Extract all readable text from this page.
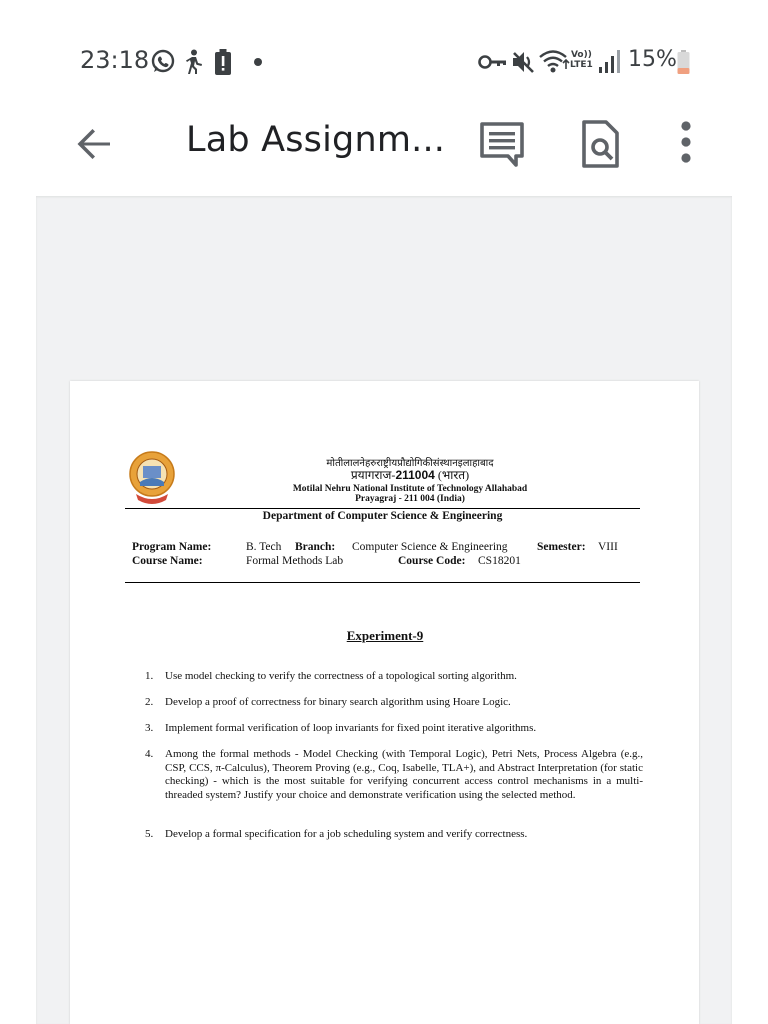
23:18	Vo))
LTE1 15%
Lab Assignm...
मोतीलालनेहरुराष्ट्रीयप्रौद्योगिकीसंस्थानइलाहाबाद
प्रयागराज-211004 (भारत)
Motilal Nehru National Institute of Technology Allahabad
Prayagraj - 211 004 (India)
Department of Computer Science & Engineering
Program Name:	B. Tech Branch: Computer Science & Engineering	Semester: VIII
Course Name:	Formal Methods Lab	Course Code: CS18201
Experiment-9
1. Use model checking to verify the correctness of a topological sorting algorithm.
2. Develop a proof of correctness for binary search algorithm using Hoare Logic.
3. Implement formal verification of loop invariants for fixed point iterative algorithms.
4. Among the formal methods - Model Checking (with Temporal Logic), Petri Nets, Process Algebra (e.g., CSP, CCS, π-Calculus), Theorem Proving (e.g., Coq, Isabelle, TLA+), and Abstract Interpretation (for static checking) - which is the most suitable for verifying concurrent access control mechanisms in a multi-threaded system? Justify your choice and demonstrate verification using the selected method.
5. Develop a formal specification for a job scheduling system and verify correctness.
